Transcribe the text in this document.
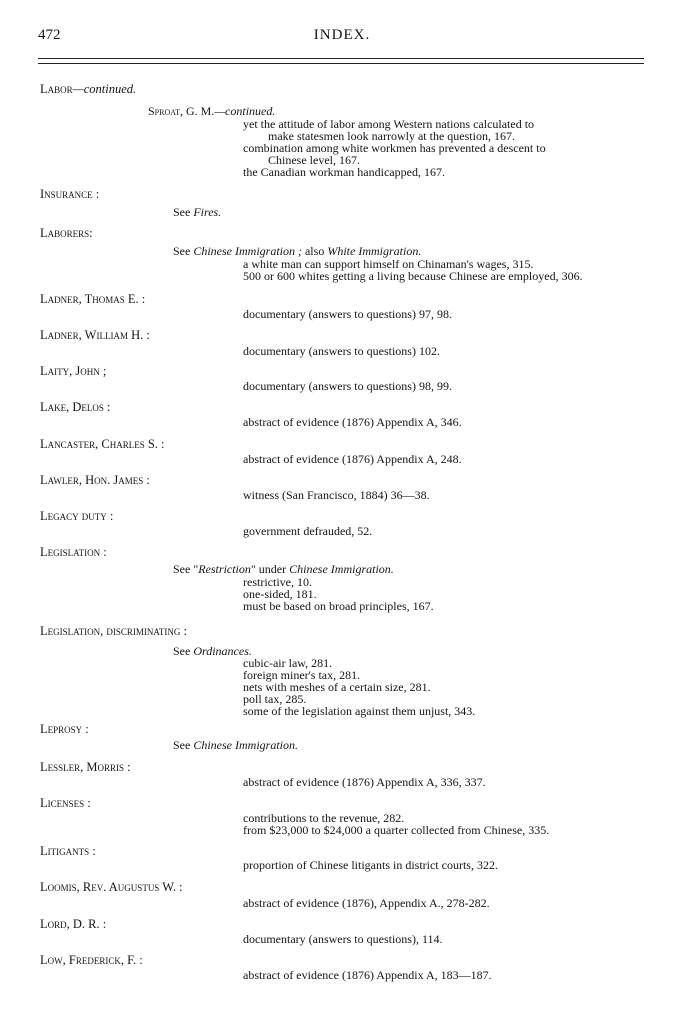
472	INDEX.
Labor—continued.
Sproat, G. M.—continued.
yet the attitude of labor among Western nations calculated to
make statesmen look narrowly at the question, 167.
combination among white workmen has prevented a descent to
Chinese level, 167.
the Canadian workman handicapped, 167.
Insurance :
See Fires.
Laborers:
See Chinese Immigration ; also White Immigration.
a white man can support himself on Chinaman's wages, 315.
500 or 600 whites getting a living because Chinese are employed, 306.
Ladner, Thomas E. :
documentary (answers to questions) 97, 98.
Ladner, William H. :
documentary (answers to questions) 102.
Laity, John ;
documentary (answers to questions) 98, 99.
Lake, Delos :
abstract of evidence (1876) Appendix A, 346.
Lancaster, Charles S. :
abstract of evidence (1876) Appendix A, 248.
Lawler, Hon. James :
witness (San Francisco, 1884) 36—38.
Legacy duty :
government defrauded, 52.
Legislation :
See "Restriction" under Chinese Immigration.
restrictive, 10.
one-sided, 181.
must be based on broad principles, 167.
Legislation, discriminating :
See Ordinances.
cubic-air law, 281.
foreign miner's tax, 281.
nets with meshes of a certain size, 281.
poll tax, 285.
some of the legislation against them unjust, 343.
Leprosy :
See Chinese Immigration.
Lessler, Morris :
abstract of evidence (1876) Appendix A, 336, 337.
Licenses :
contributions to the revenue, 282.
from $23,000 to $24,000 a quarter collected from Chinese, 335.
Litigants :
proportion of Chinese litigants in district courts, 322.
Loomis, Rev. Augustus W. :
abstract of evidence (1876), Appendix A., 278-282.
Lord, D. R. :
documentary (answers to questions), 114.
Low, Frederick, F. :
abstract of evidence (1876) Appendix A, 183—187.
